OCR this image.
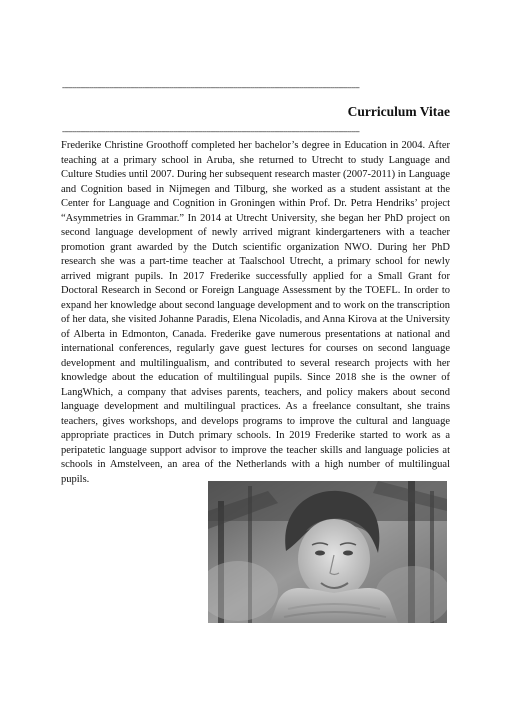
------------------------------------------------------------------------------------------------------------------------------------------------
Curriculum Vitae
------------------------------------------------------------------------------------------------------------------------------------------------

Frederike Christine Groothoff completed her bachelor’s degree in Education in 2004. After teaching at a primary school in Aruba, she returned to Utrecht to study Language and Culture Studies until 2007. During her subsequent research master (2007-2011) in Language and Cognition based in Nijmegen and Tilburg, she worked as a student assistant at the Center for Language and Cognition in Groningen within Prof. Dr. Petra Hendriks’ project “Asymmetries in Grammar.” In 2014 at Utrecht University, she began her PhD project on second language development of newly arrived migrant kindergarteners with a teacher promotion grant awarded by the Dutch scientific organization NWO. During her PhD research she was a part-time teacher at Taalschool Utrecht, a primary school for newly arrived migrant pupils. In 2017 Frederike successfully applied for a Small Grant for Doctoral Research in Second or Foreign Language Assessment by the TOEFL. In order to expand her knowledge about second language development and to work on the transcription of her data, she visited Johanne Paradis, Elena Nicoladis, and Anna Kirova at the University of Alberta in Edmonton, Canada. Frederike gave numerous presentations at national and international conferences, regularly gave guest lectures for courses on second language development and multilingualism, and contributed to several research projects with her knowledge about the education of multilingual pupils. Since 2018 she is the owner of LangWhich, a company that advises parents, teachers, and policy makers about second language development and multilingual practices. As a freelance consultant, she trains teachers, gives workshops, and develops programs to improve the cultural and language appropriate practices in Dutch primary schools. In 2019 Frederike started to work as a peripatetic language support advisor to improve the teacher skills and language policies at schools in Amstelveen, an area of the Netherlands with a high number of multilingual pupils.
